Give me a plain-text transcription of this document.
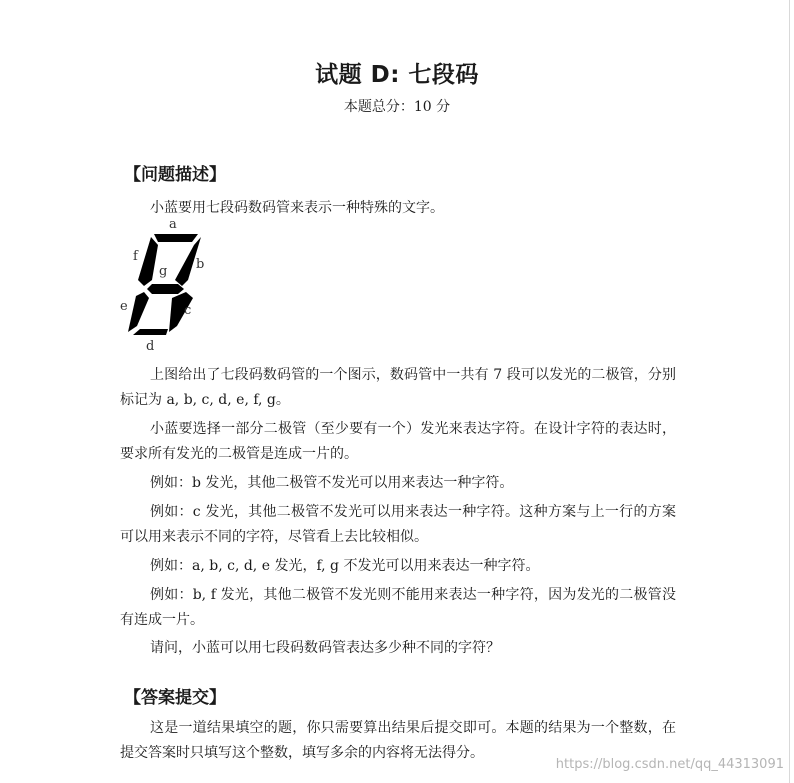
试题 D: 七段码

本题总分：10 分

【问题描述】

小蓝要用七段码数码管来表示一种特殊的文字。

a
f
b
g
e	c
d

上图给出了七段码数码管的一个图示，数码管中一共有 7 段可以发光的二极管，分别标记为 a, b, c, d, e, f, g。

小蓝要选择一部分二极管（至少要有一个）发光来表达字符。在设计字符的表达时，要求所有发光的二极管是连成一片的。

例如：b 发光，其他二极管不发光可以用来表达一种字符。

例如：c 发光，其他二极管不发光可以用来表达一种字符。这种方案与上一行的方案可以用来表示不同的字符，尽管看上去比较相似。

例如：a, b, c, d, e 发光，f, g 不发光可以用来表达一种字符。

例如：b, f 发光，其他二极管不发光则不能用来表达一种字符，因为发光的二极管没有连成一片。

请问，小蓝可以用七段码数码管表达多少种不同的字符？

【答案提交】

这是一道结果填空的题，你只需要算出结果后提交即可。本题的结果为一个整数，在提交答案时只填写这个整数，填写多余的内容将无法得分。

https://blog.csdn.net/qq_44313091
